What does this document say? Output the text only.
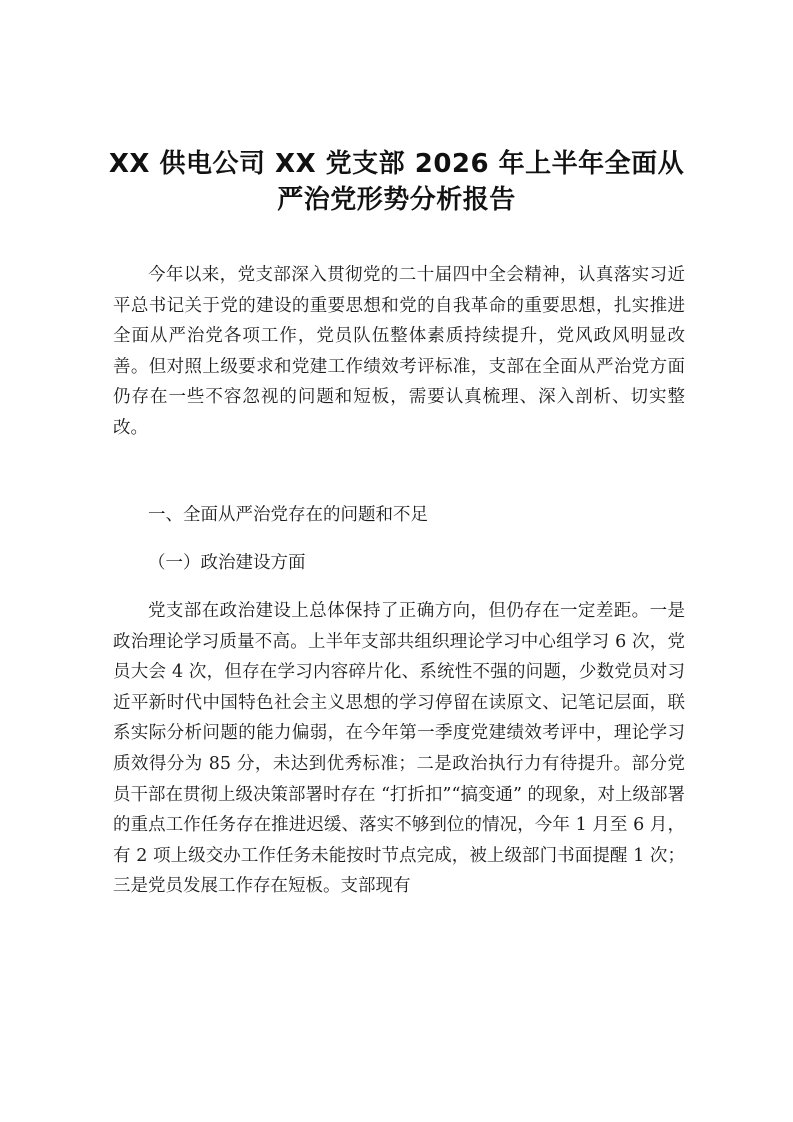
XX 供电公司 XX 党支部 2026 年上半年全面从
严治党形势分析报告

今年以来，党支部深入贯彻党的二十届四中全会精神，认真落实习近平总书记关于党的建设的重要思想和党的自我革命的重要思想，扎实推进全面从严治党各项工作，党员队伍整体素质持续提升，党风政风明显改善。但对照上级要求和党建工作绩效考评标准，支部在全面从严治党方面仍存在一些不容忽视的问题和短板，需要认真梳理、深入剖析、切实整改。

一、全面从严治党存在的问题和不足
（一）政治建设方面

党支部在政治建设上总体保持了正确方向，但仍存在一定差距。一是政治理论学习质量不高。上半年支部共组织理论学习中心组学习 6 次，党员大会 4 次，但存在学习内容碎片化、系统性不强的问题，少数党员对习近平新时代中国特色社会主义思想的学习停留在读原文、记笔记层面，联系实际分析问题的能力偏弱，在今年第一季度党建绩效考评中，理论学习质效得分为 85 分，未达到优秀标准；二是政治执行力有待提升。部分党员干部在贯彻上级决策部署时存在 “打折扣”“搞变通” 的现象，对上级部署的重点工作任务存在推进迟缓、落实不够到位的情况，今年 1 月至 6 月，有 2 项上级交办工作任务未能按时节点完成，被上级部门书面提醒 1 次；三是党员发展工作存在短板。支部现有
